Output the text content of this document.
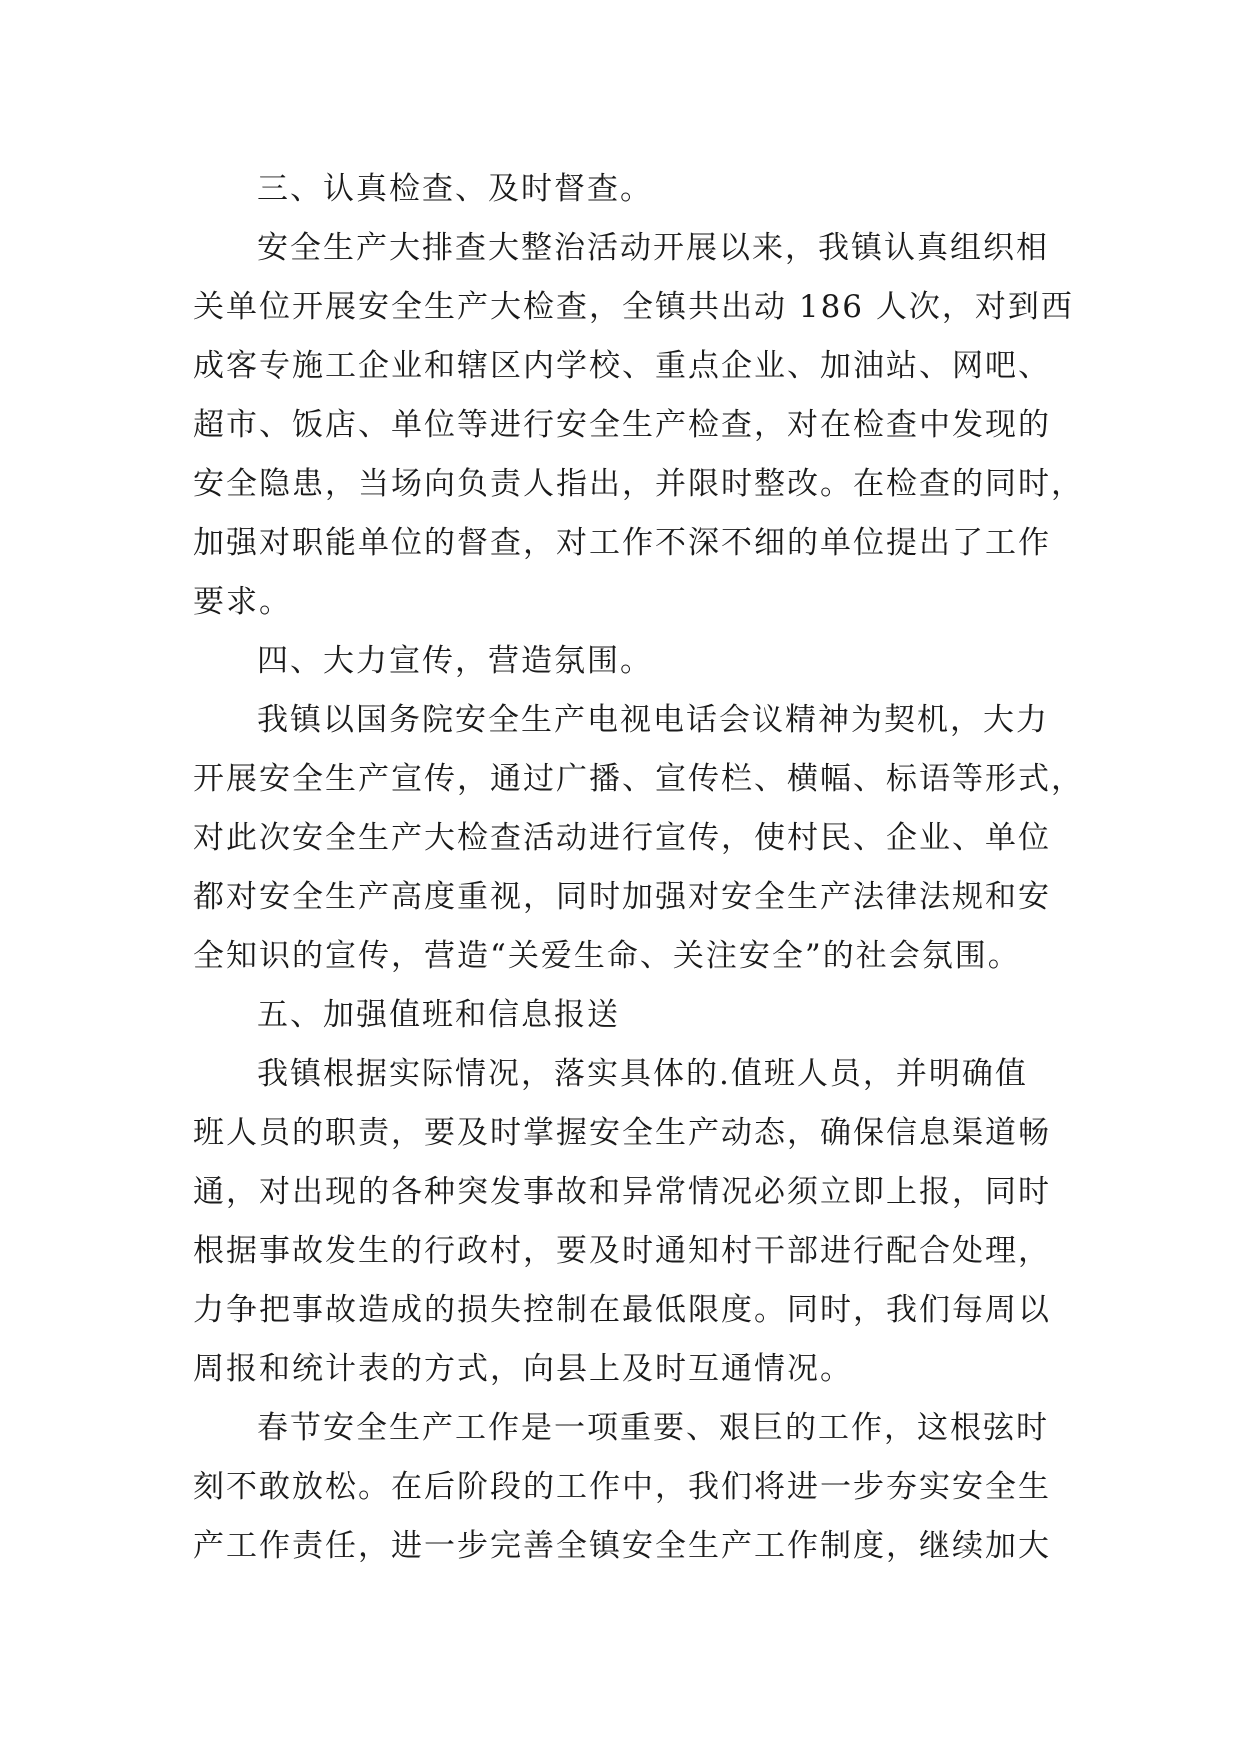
三、认真检查、及时督查。
安全生产大排查大整治活动开展以来，我镇认真组织相
关单位开展安全生产大检查，全镇共出动 186 人次，对到西
成客专施工企业和辖区内学校、重点企业、加油站、网吧、
超市、饭店、单位等进行安全生产检查，对在检查中发现的
安全隐患，当场向负责人指出，并限时整改。在检查的同时，
加强对职能单位的督查，对工作不深不细的单位提出了工作
要求。
四、大力宣传，营造氛围。
我镇以国务院安全生产电视电话会议精神为契机，大力
开展安全生产宣传，通过广播、宣传栏、横幅、标语等形式，
对此次安全生产大检查活动进行宣传，使村民、企业、单位
都对安全生产高度重视，同时加强对安全生产法律法规和安
全知识的宣传，营造“关爱生命、关注安全”的社会氛围。
五、加强值班和信息报送
我镇根据实际情况，落实具体的.值班人员，并明确值
班人员的职责，要及时掌握安全生产动态，确保信息渠道畅
通，对出现的各种突发事故和异常情况必须立即上报，同时
根据事故发生的行政村，要及时通知村干部进行配合处理，
力争把事故造成的损失控制在最低限度。同时，我们每周以
周报和统计表的方式，向县上及时互通情况。
春节安全生产工作是一项重要、艰巨的工作，这根弦时
刻不敢放松。在后阶段的工作中，我们将进一步夯实安全生
产工作责任，进一步完善全镇安全生产工作制度，继续加大
